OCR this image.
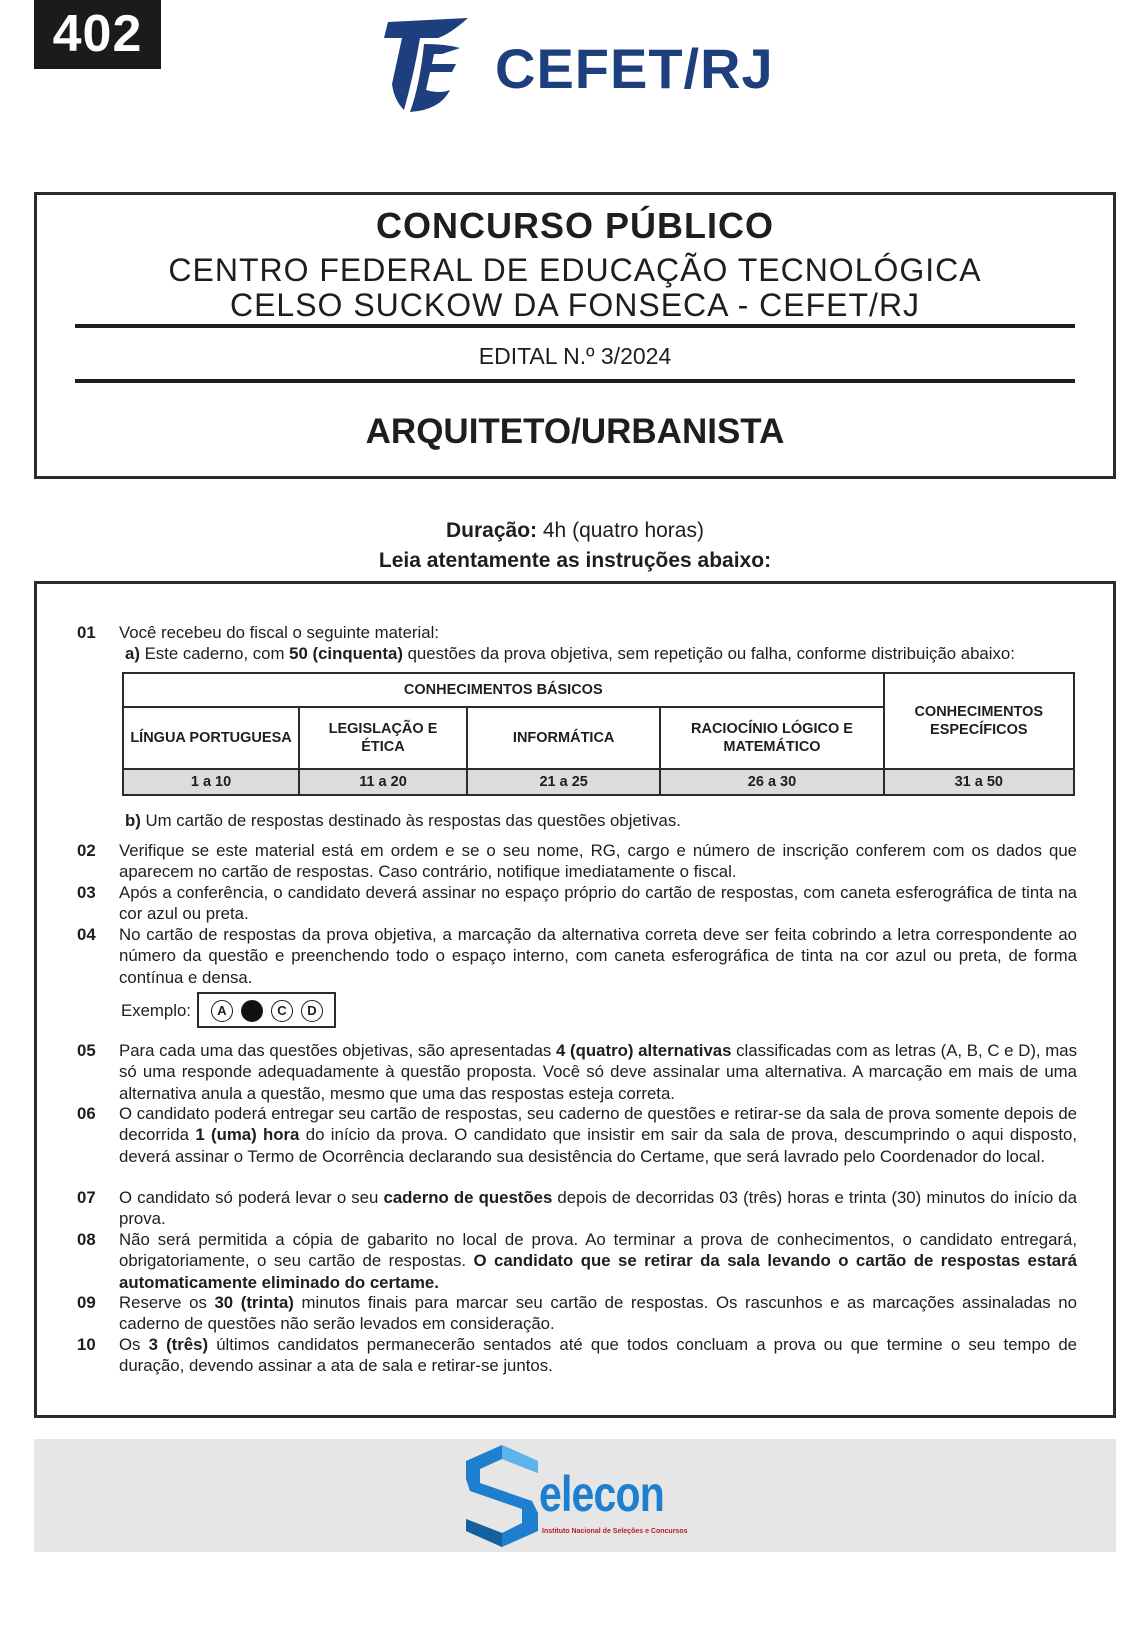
402
CEFET/RJ
CONCURSO PÚBLICO
CENTRO FEDERAL DE EDUCAÇÃO TECNOLÓGICA
CELSO SUCKOW DA FONSECA - CEFET/RJ
EDITAL N.º 3/2024
ARQUITETO/URBANISTA
Duração: 4h (quatro horas)
Leia atentamente as instruções abaixo:
01 Você recebeu do fiscal o seguinte material:
a) Este caderno, com 50 (cinquenta) questões da prova objetiva, sem repetição ou falha, conforme distribuição abaixo:
CONHECIMENTOS BÁSICOS				CONHECIMENTOS ESPECÍFICOS
LÍNGUA PORTUGUESA	LEGISLAÇÃO E ÉTICA	INFORMÁTICA	RACIOCÍNIO LÓGICO E MATEMÁTICO	
1 a 10	11 a 20	21 a 25	26 a 30	31 a 50
b) Um cartão de respostas destinado às respostas das questões objetivas.
02 Verifique se este material está em ordem e se o seu nome, RG, cargo e número de inscrição conferem com os dados que aparecem no cartão de respostas. Caso contrário, notifique imediatamente o fiscal.
03 Após a conferência, o candidato deverá assinar no espaço próprio do cartão de respostas, com caneta esferográfica de tinta na cor azul ou preta.
04 No cartão de respostas da prova objetiva, a marcação da alternativa correta deve ser feita cobrindo a letra correspondente ao número da questão e preenchendo todo o espaço interno, com caneta esferográfica de tinta na cor azul ou preta, de forma contínua e densa.
Exemplo:	A	C	D
05 Para cada uma das questões objetivas, são apresentadas 4 (quatro) alternativas classificadas com as letras (A, B, C e D), mas só uma responde adequadamente à questão proposta. Você só deve assinalar uma alternativa. A marcação em mais de uma alternativa anula a questão, mesmo que uma das respostas esteja correta.
06 O candidato poderá entregar seu cartão de respostas, seu caderno de questões e retirar-se da sala de prova somente depois de decorrida 1 (uma) hora do início da prova. O candidato que insistir em sair da sala de prova, descumprindo o aqui disposto, deverá assinar o Termo de Ocorrência declarando sua desistência do Certame, que será lavrado pelo Coordenador do local.
07 O candidato só poderá levar o seu caderno de questões depois de decorridas 03 (três) horas e trinta (30) minutos do início da prova.
08 Não será permitida a cópia de gabarito no local de prova. Ao terminar a prova de conhecimentos, o candidato entregará, obrigatoriamente, o seu cartão de respostas. O candidato que se retirar da sala levando o cartão de respostas estará automaticamente eliminado do certame.
09 Reserve os 30 (trinta) minutos finais para marcar seu cartão de respostas. Os rascunhos e as marcações assinaladas no caderno de questões não serão levados em consideração.
10 Os 3 (três) últimos candidatos permanecerão sentados até que todos concluam a prova ou que termine o seu tempo de duração, devendo assinar a ata de sala e retirar-se juntos.
elecon
Instituto Nacional de Seleções e Concursos
